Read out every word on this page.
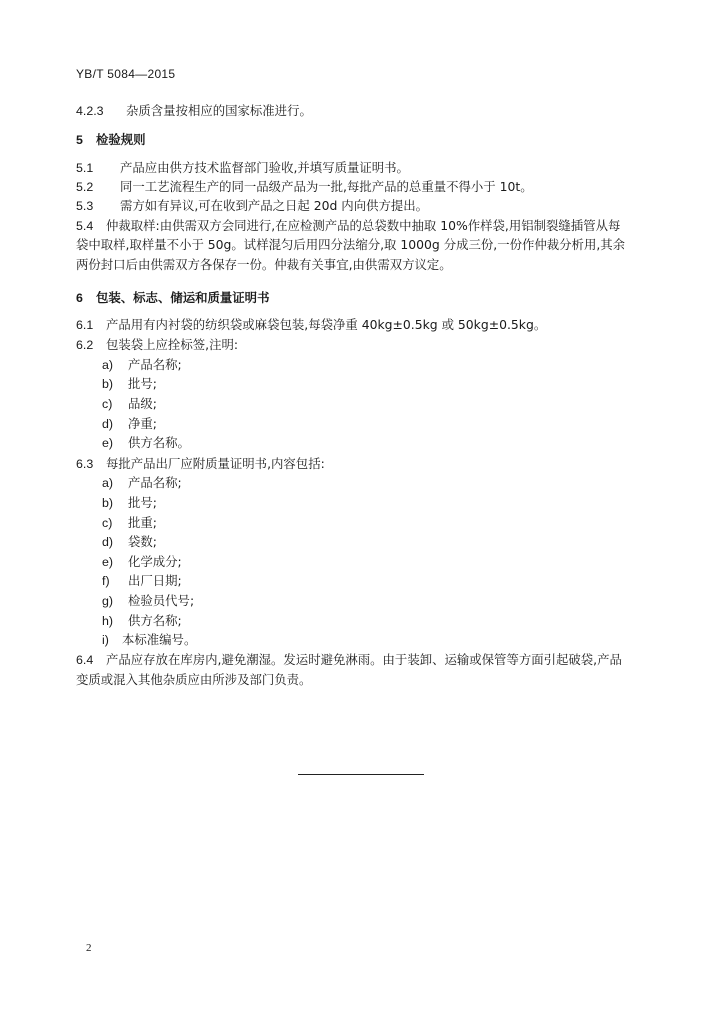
YB/T 5084—2015
4.2.3 杂质含量按相应的国家标准进行。
5 检验规则
5.1 产品应由供方技术监督部门验收,并填写质量证明书。
5.2 同一工艺流程生产的同一品级产品为一批,每批产品的总重量不得小于 10t。
5.3 需方如有异议,可在收到产品之日起 20d 内向供方提出。
5.4 仲裁取样:由供需双方会同进行,在应检测产品的总袋数中抽取 10%作样袋,用铝制裂缝插管从每
袋中取样,取样量不小于 50g。试样混匀后用四分法缩分,取 1000g 分成三份,一份作仲裁分析用,其余
两份封口后由供需双方各保存一份。仲裁有关事宜,由供需双方议定。
6 包装、标志、储运和质量证明书
6.1 产品用有内衬袋的纺织袋或麻袋包装,每袋净重 40kg±0.5kg 或 50kg±0.5kg。
6.2 包装袋上应拴标签,注明:
a) 产品名称;
b) 批号;
c) 品级;
d) 净重;
e) 供方名称。
6.3 每批产品出厂应附质量证明书,内容包括:
a) 产品名称;
b) 批号;
c) 批重;
d) 袋数;
e) 化学成分;
f) 出厂日期;
g) 检验员代号;
h) 供方名称;
i) 本标准编号。
6.4 产品应存放在库房内,避免潮湿。发运时避免淋雨。由于装卸、运输或保管等方面引起破袋,产品
变质或混入其他杂质应由所涉及部门负责。
2
